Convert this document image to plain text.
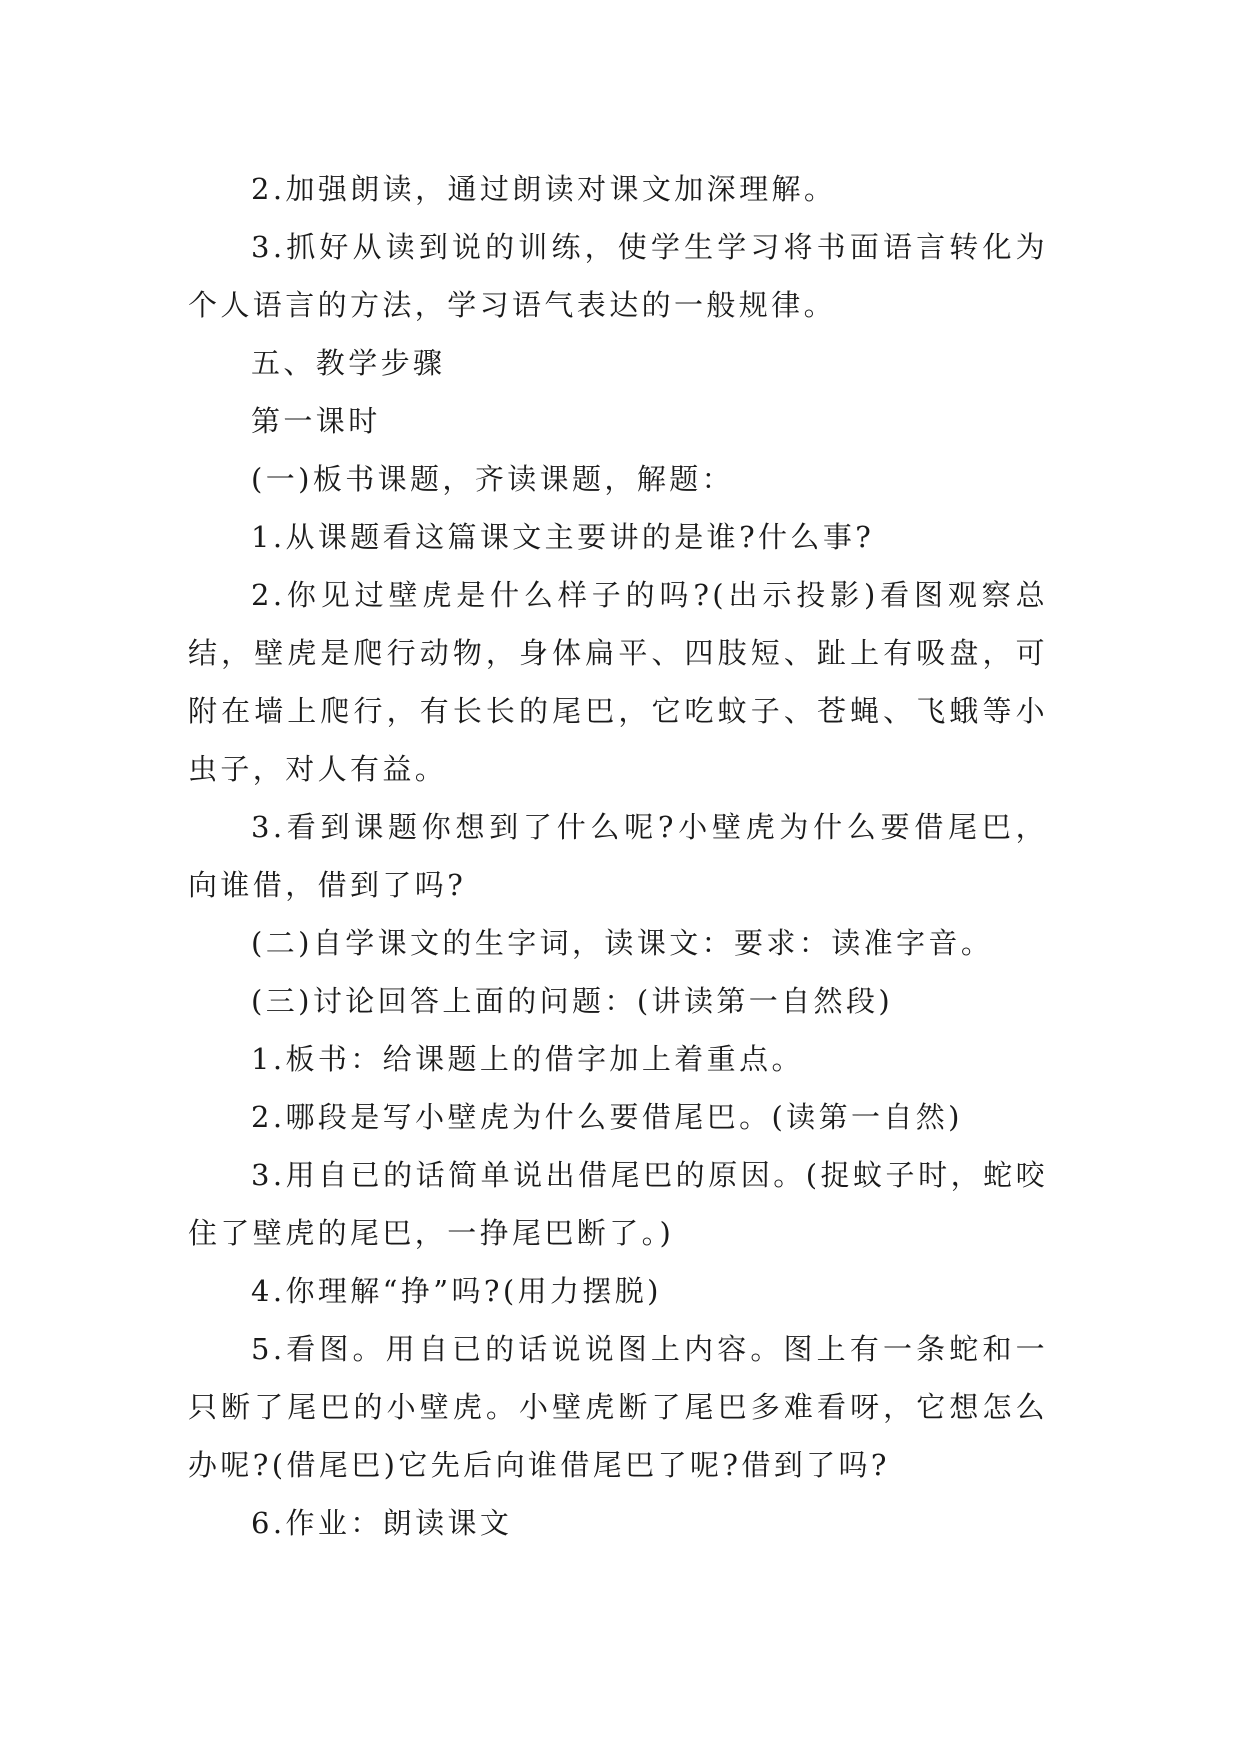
2.加强朗读，通过朗读对课文加深理解。

3.抓好从读到说的训练，使学生学习将书面语言转化为个人语言的方法，学习语气表达的一般规律。

五、教学步骤

第一课时

(一)板书课题，齐读课题，解题：

1.从课题看这篇课文主要讲的是谁?什么事?

2.你见过壁虎是什么样子的吗?(出示投影)看图观察总结，壁虎是爬行动物，身体扁平、四肢短、趾上有吸盘，可附在墙上爬行，有长长的尾巴，它吃蚊子、苍蝇、飞蛾等小虫子，对人有益。

3.看到课题你想到了什么呢?小壁虎为什么要借尾巴，向谁借，借到了吗?

(二)自学课文的生字词，读课文：要求：读准字音。

(三)讨论回答上面的问题：(讲读第一自然段)

1.板书：给课题上的借字加上着重点。

2.哪段是写小壁虎为什么要借尾巴。(读第一自然)

3.用自已的话简单说出借尾巴的原因。(捉蚊子时，蛇咬住了壁虎的尾巴，一挣尾巴断了。)

4.你理解“挣”吗?(用力摆脱)

5.看图。用自已的话说说图上内容。图上有一条蛇和一只断了尾巴的小壁虎。小壁虎断了尾巴多难看呀，它想怎么办呢?(借尾巴)它先后向谁借尾巴了呢?借到了吗?

6.作业：朗读课文
